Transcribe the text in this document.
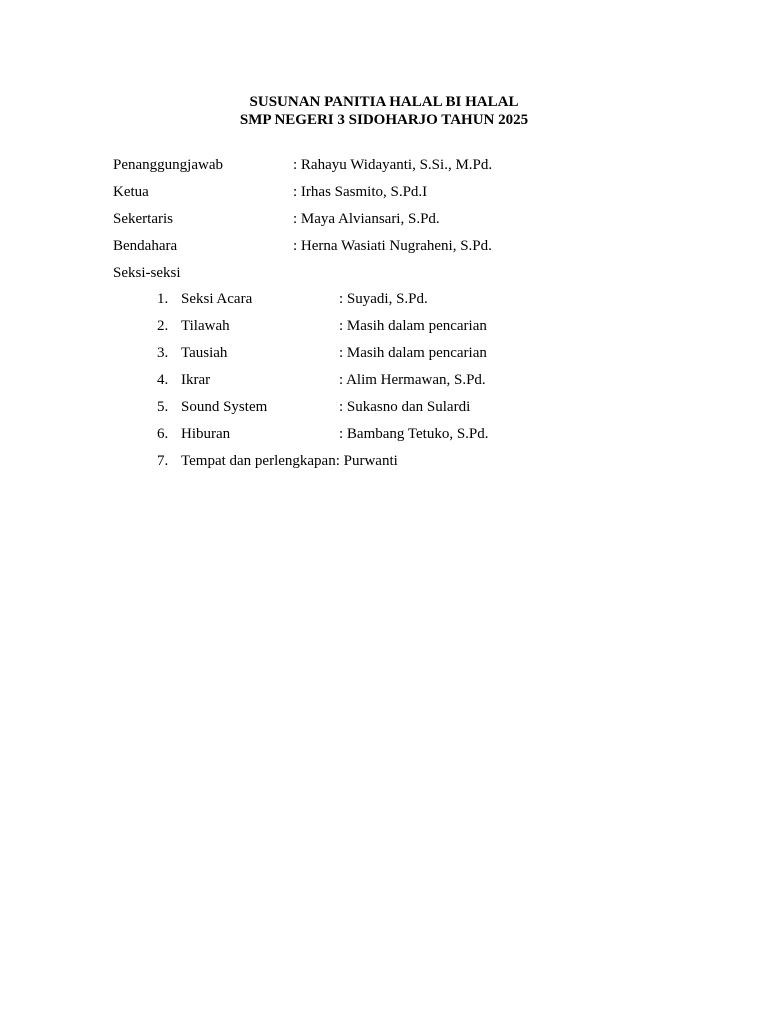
SUSUNAN PANITIA HALAL BI HALAL
SMP NEGERI 3 SIDOHARJO TAHUN 2025
Penanggungjawab	: Rahayu Widayanti, S.Si., M.Pd.
Ketua	: Irhas Sasmito, S.Pd.I
Sekertaris	: Maya Alviansari, S.Pd.
Bendahara	: Herna Wasiati Nugraheni, S.Pd.
Seksi-seksi
1. Seksi Acara	: Suyadi, S.Pd.
2. Tilawah	: Masih dalam pencarian
3. Tausiah	: Masih dalam pencarian
4. Ikrar	: Alim Hermawan, S.Pd.
5. Sound System	: Sukasno dan Sulardi
6. Hiburan	: Bambang Tetuko, S.Pd.
7. Tempat dan perlengkapan: Purwanti
